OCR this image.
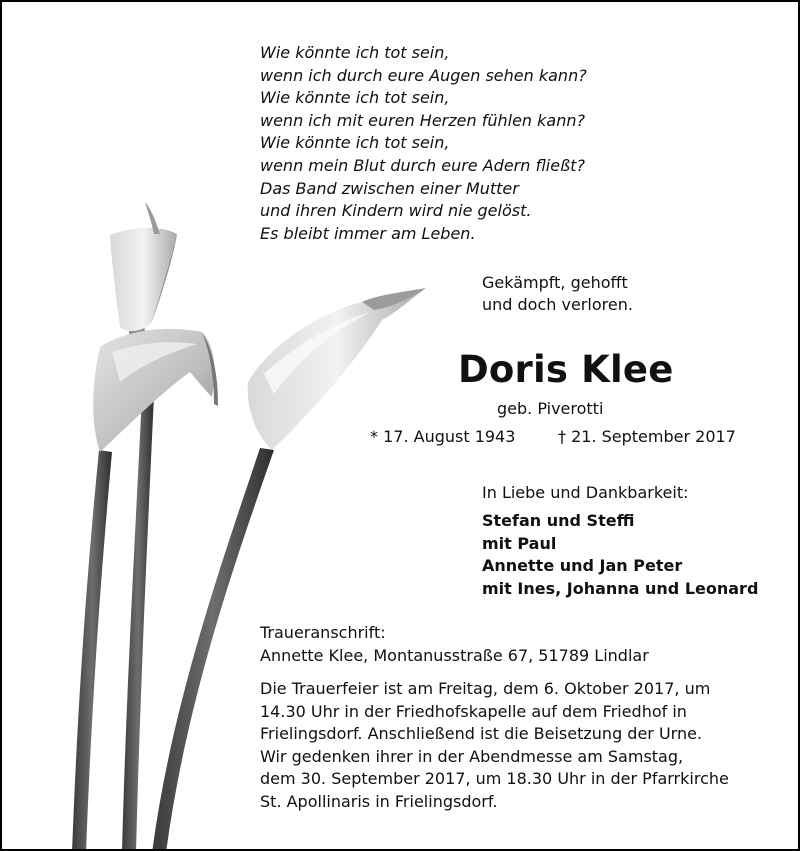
Wie könnte ich tot sein,
wenn ich durch eure Augen sehen kann?
Wie könnte ich tot sein,
wenn ich mit euren Herzen fühlen kann?
Wie könnte ich tot sein,
wenn mein Blut durch eure Adern fließt?
Das Band zwischen einer Mutter
und ihren Kindern wird nie gelöst.
Es bleibt immer am Leben.
Gekämpft, gehofft
und doch verloren.
Doris Klee
geb. Piverotti
* 17. August 1943	† 21. September 2017
In Liebe und Dankbarkeit:
Stefan und Steffi
mit Paul
Annette und Jan Peter
mit Ines, Johanna und Leonard
Traueranschrift:
Annette Klee, Montanusstraße 67, 51789 Lindlar
Die Trauerfeier ist am Freitag, dem 6. Oktober 2017, um
14.30 Uhr in der Friedhofskapelle auf dem Friedhof in
Frielingsdorf. Anschließend ist die Beisetzung der Urne.
Wir gedenken ihrer in der Abendmesse am Samstag,
dem 30. September 2017, um 18.30 Uhr in der Pfarrkirche
St. Apollinaris in Frielingsdorf.
